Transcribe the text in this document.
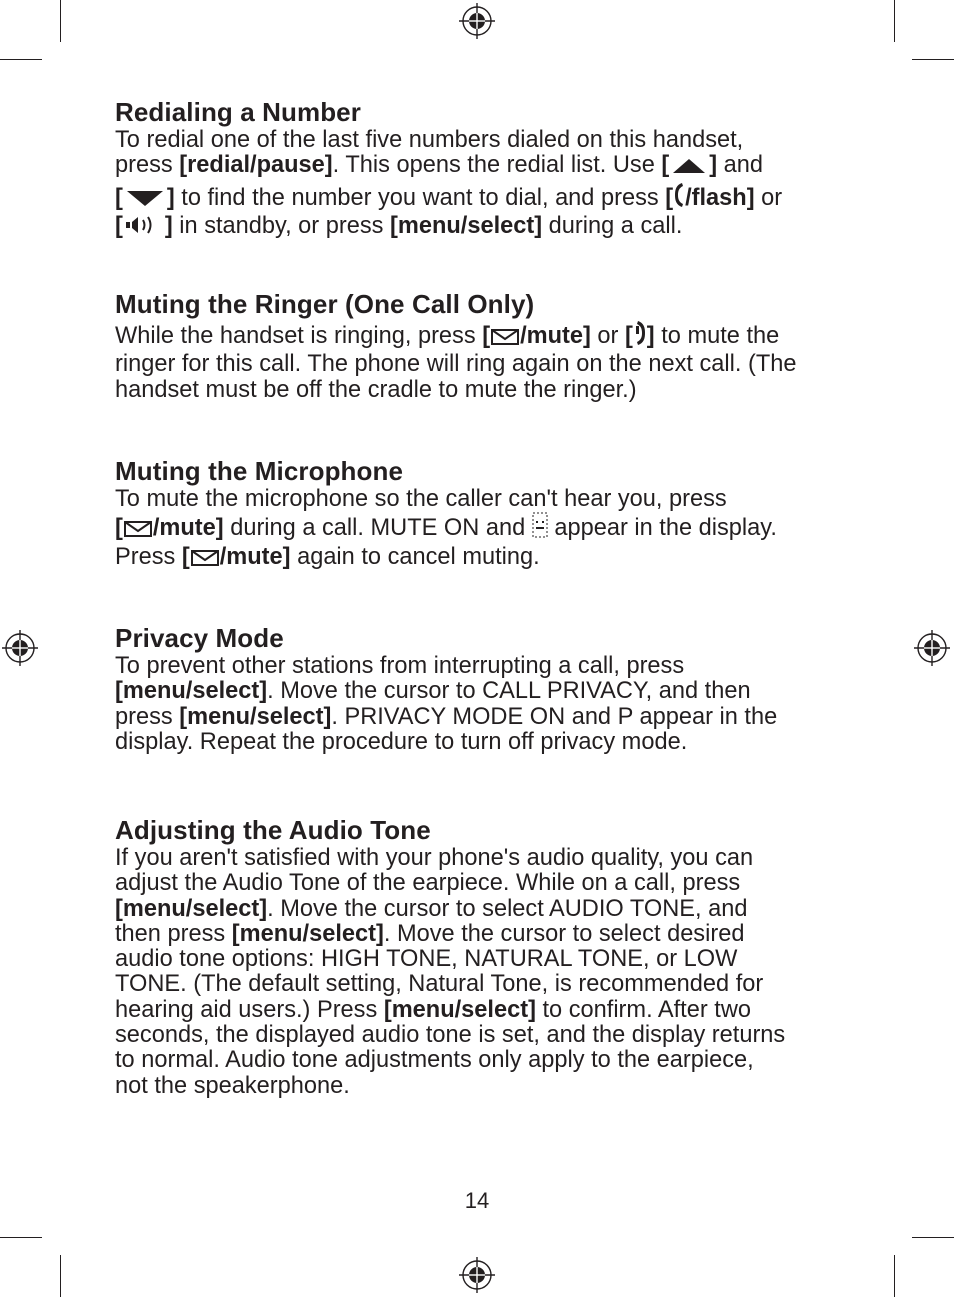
Redialing a Number

To redial one of the last five numbers dialed on this handset,
press [redial/pause]. This opens the redial list. Use [ ] and
[ ] to find the number you want to dial, and press [ /flash] or
[ ] in standby, or press [menu/select] during a call.

Muting the Ringer (One Call Only)

While the handset is ringing, press [ /mute] or [ ] to mute the
ringer for this call. The phone will ring again on the next call. (The
handset must be off the cradle to mute the ringer.)

Muting the Microphone

To mute the microphone so the caller can't hear you, press
[ /mute] during a call. MUTE ON and  appear in the display.
Press [ /mute] again to cancel muting.

Privacy Mode

To prevent other stations from interrupting a call, press
[menu/select]. Move the cursor to CALL PRIVACY, and then
press [menu/select]. PRIVACY MODE ON and P appear in the
display. Repeat the procedure to turn off privacy mode.

Adjusting the Audio Tone

If you aren't satisfied with your phone's audio quality, you can
adjust the Audio Tone of the earpiece. While on a call, press
[menu/select]. Move the cursor to select AUDIO TONE, and
then press [menu/select]. Move the cursor to select desired
audio tone options: HIGH TONE, NATURAL TONE, or LOW
TONE. (The default setting, Natural Tone, is recommended for
hearing aid users.) Press [menu/select] to confirm. After two
seconds, the displayed audio tone is set, and the display returns
to normal. Audio tone adjustments only apply to the earpiece,
not the speakerphone.

14
